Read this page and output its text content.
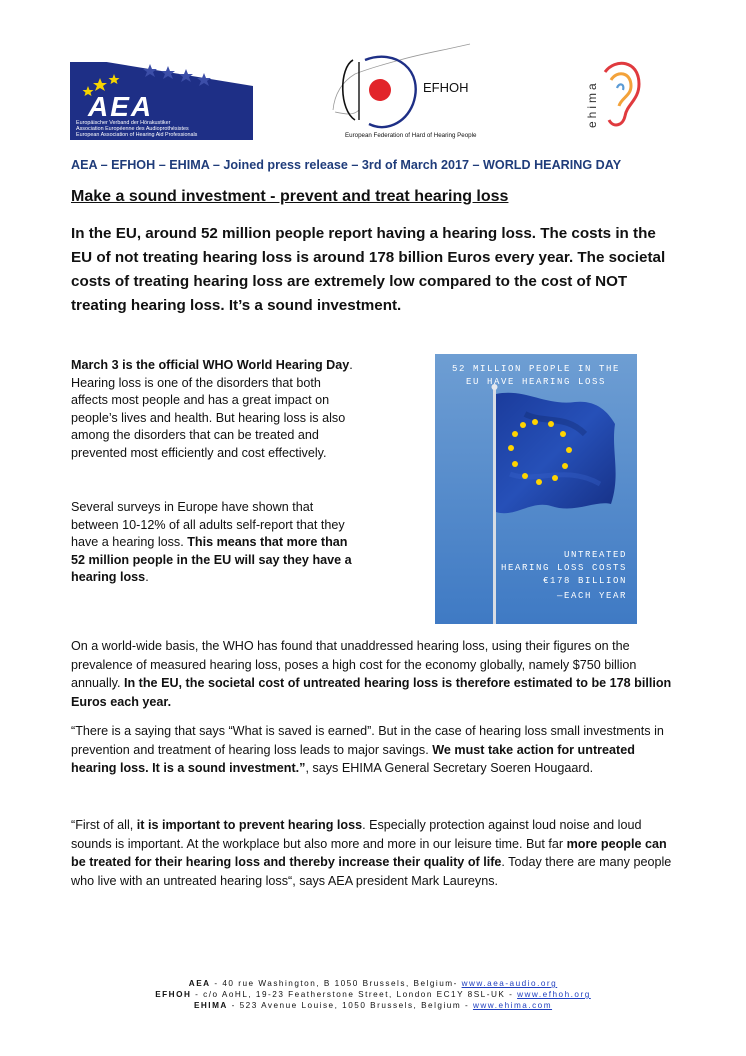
AEA
Europäischer Verband der Hörakustiker
Association Européenne des Audioprothésistes
European Association of Hearing Aid Professionals
EFHOH
European Federation of Hard of Hearing People
ehima
AEA – EFHOH – EHIMA – Joined press release – 3rd of March 2017 – WORLD HEARING DAY
Make a sound investment - prevent and treat hearing loss
In the EU, around 52 million people report having a hearing loss. The costs in the EU of not treating hearing loss is around 178 billion Euros every year. The societal costs of treating hearing loss are extremely low compared to the cost of NOT treating hearing loss. It’s a sound investment.

March 3 is the official WHO World Hearing Day. Hearing loss is one of the disorders that both affects most people and has a great impact on people’s lives and health. But hearing loss is also among the disorders that can be treated and prevented most efficiently and cost effectively.

Several surveys in Europe have shown that between 10-12% of all adults self-report that they have a hearing loss. This means that more than 52 million people in the EU will say they have a hearing loss.

52 MILLION PEOPLE IN THE
EU HAVE HEARING LOSS
UNTREATED
HEARING LOSS COSTS
€178 BILLION
—EACH YEAR

On a world-wide basis, the WHO has found that unaddressed hearing loss, using their figures on the prevalence of measured hearing loss, poses a high cost for the economy globally, namely $750 billion annually. In the EU, the societal cost of untreated hearing loss is therefore estimated to be 178 billion Euros each year.

“There is a saying that says “What is saved is earned”. But in the case of hearing loss small investments in prevention and treatment of hearing loss leads to major savings. We must take action for untreated hearing loss. It is a sound investment.”, says EHIMA General Secretary Soeren Hougaard.

“First of all, it is important to prevent hearing loss. Especially protection against loud noise and loud sounds is important. At the workplace but also more and more in our leisure time. But far more people can be treated for their hearing loss and thereby increase their quality of life. Today there are many people who live with an untreated hearing loss“, says AEA president Mark Laureyns.

AEA - 40 rue Washington, B 1050 Brussels, Belgium- www.aea-audio.org
EFHOH - c/o AoHL, 19-23 Featherstone Street, London EC1Y 8SL-UK - www.efhoh.org
EHIMA - 523 Avenue Louise, 1050 Brussels, Belgium - www.ehima.com
